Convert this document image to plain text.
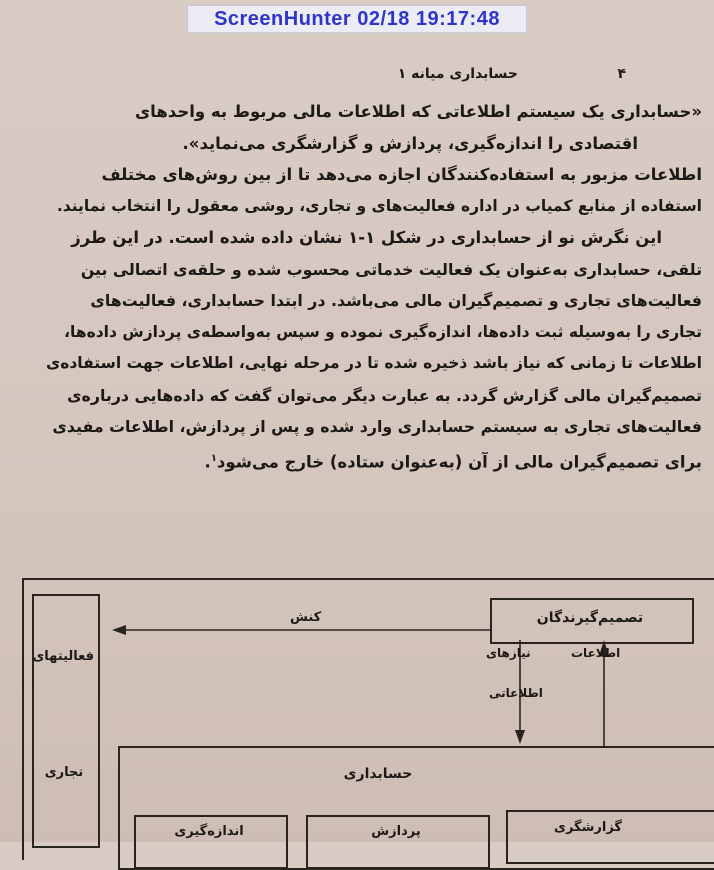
ScreenHunter 02/18 19:17:48
حسابداری میانه ۱	۴
«حسابداری یک سیستم اطلاعاتی که اطلاعات مالی مربوط به واحدهای
اقتصادی را اندازه‌گیری، پردازش و گزارشگری می‌نماید».
اطلاعات مزبور به استفاده‌کنندگان اجازه می‌دهد تا از بین روش‌های مختلف
استفاده از منابع کمیاب در اداره فعالیت‌های و تجاری، روشی معقول را انتخاب نمایند.
این نگرش نو از حسابداری در شکل ۱-۱ نشان داده شده است. در این طرز
تلقی، حسابداری به‌عنوان یک فعالیت خدماتی محسوب شده و حلقه‌ی اتصالی بین
فعالیت‌های تجاری و تصمیم‌گیران مالی می‌باشد. در ابتدا حسابداری، فعالیت‌های
تجاری را به‌وسیله ثبت داده‌ها، اندازه‌گیری نموده و سپس به‌واسطه‌ی پردازش داده‌ها،
اطلاعات تا زمانی که نیاز باشد ذخیره شده تا در مرحله نهایی، اطلاعات جهت استفاده‌ی
تصمیم‌گیران مالی گزارش گردد. به عبارت دیگر می‌توان گفت که داده‌هایی درباره‌ی
فعالیت‌های تجاری به سیستم حسابداری وارد شده و پس از پردازش، اطلاعات مفیدی
برای تصمیم‌گیران مالی از آن (به‌عنوان ستاده) خارج می‌شود$^۱$.
فعالیتهای
تجاری
تصمیم‌گیرندگان
کنش
نیازهای
اطلاعاتی
اطلاعات
حسابداری
اندازه‌گیری	پردازش	گزارشگری
